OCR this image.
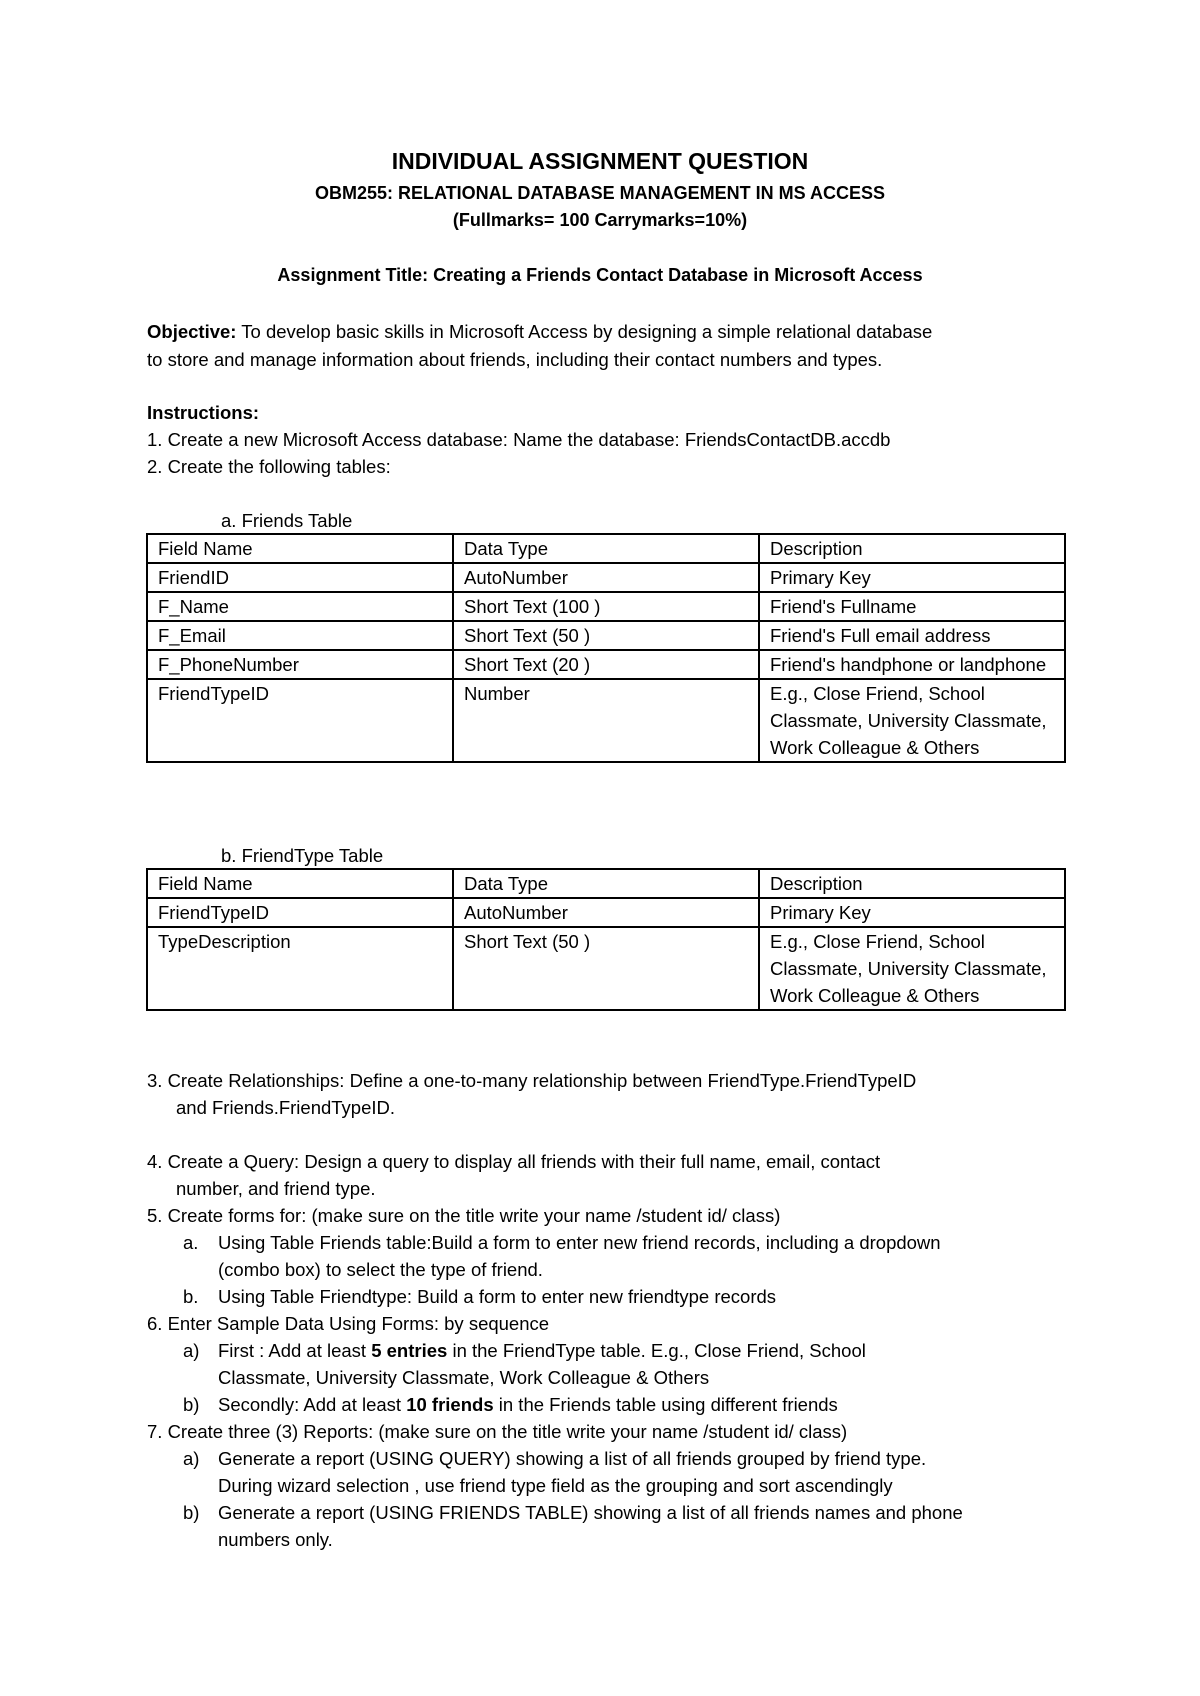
INDIVIDUAL ASSIGNMENT QUESTION
OBM255: RELATIONAL DATABASE MANAGEMENT IN MS ACCESS
(Fullmarks= 100 Carrymarks=10%)
Assignment Title: Creating a Friends Contact Database in Microsoft Access
Objective: To develop basic skills in Microsoft Access by designing a simple relational database
to store and manage information about friends, including their contact numbers and types.
Instructions:
1. Create a new Microsoft Access database: Name the database: FriendsContactDB.accdb
2. Create the following tables:
a. Friends Table
Field Name	Data Type	Description
FriendID	AutoNumber	Primary Key
F_Name	Short Text (100 )	Friend's Fullname
F_Email	Short Text (50 )	Friend's Full email address
F_PhoneNumber	Short Text (20 )	Friend's handphone or landphone
FriendTypeID	Number	E.g., Close Friend, School Classmate, University Classmate, Work Colleague & Others
b. FriendType Table
Field Name	Data Type	Description
FriendTypeID	AutoNumber	Primary Key
TypeDescription	Short Text (50 )	E.g., Close Friend, School Classmate, University Classmate, Work Colleague & Others
3. Create Relationships: Define a one-to-many relationship between FriendType.FriendTypeID
and Friends.FriendTypeID.
4. Create a Query: Design a query to display all friends with their full name, email, contact
number, and friend type.
5. Create forms for: (make sure on the title write your name /student id/ class)
a. Using Table Friends table:Build a form to enter new friend records, including a dropdown
(combo box) to select the type of friend.
b. Using Table Friendtype: Build a form to enter new friendtype records
6. Enter Sample Data Using Forms: by sequence
a) First : Add at least 5 entries in the FriendType table. E.g., Close Friend, School
Classmate, University Classmate, Work Colleague & Others
b) Secondly: Add at least 10 friends in the Friends table using different friends
7. Create three (3) Reports: (make sure on the title write your name /student id/ class)
a) Generate a report (USING QUERY) showing a list of all friends grouped by friend type.
During wizard selection , use friend type field as the grouping and sort ascendingly
b) Generate a report (USING FRIENDS TABLE) showing a list of all friends names and phone
numbers only.
